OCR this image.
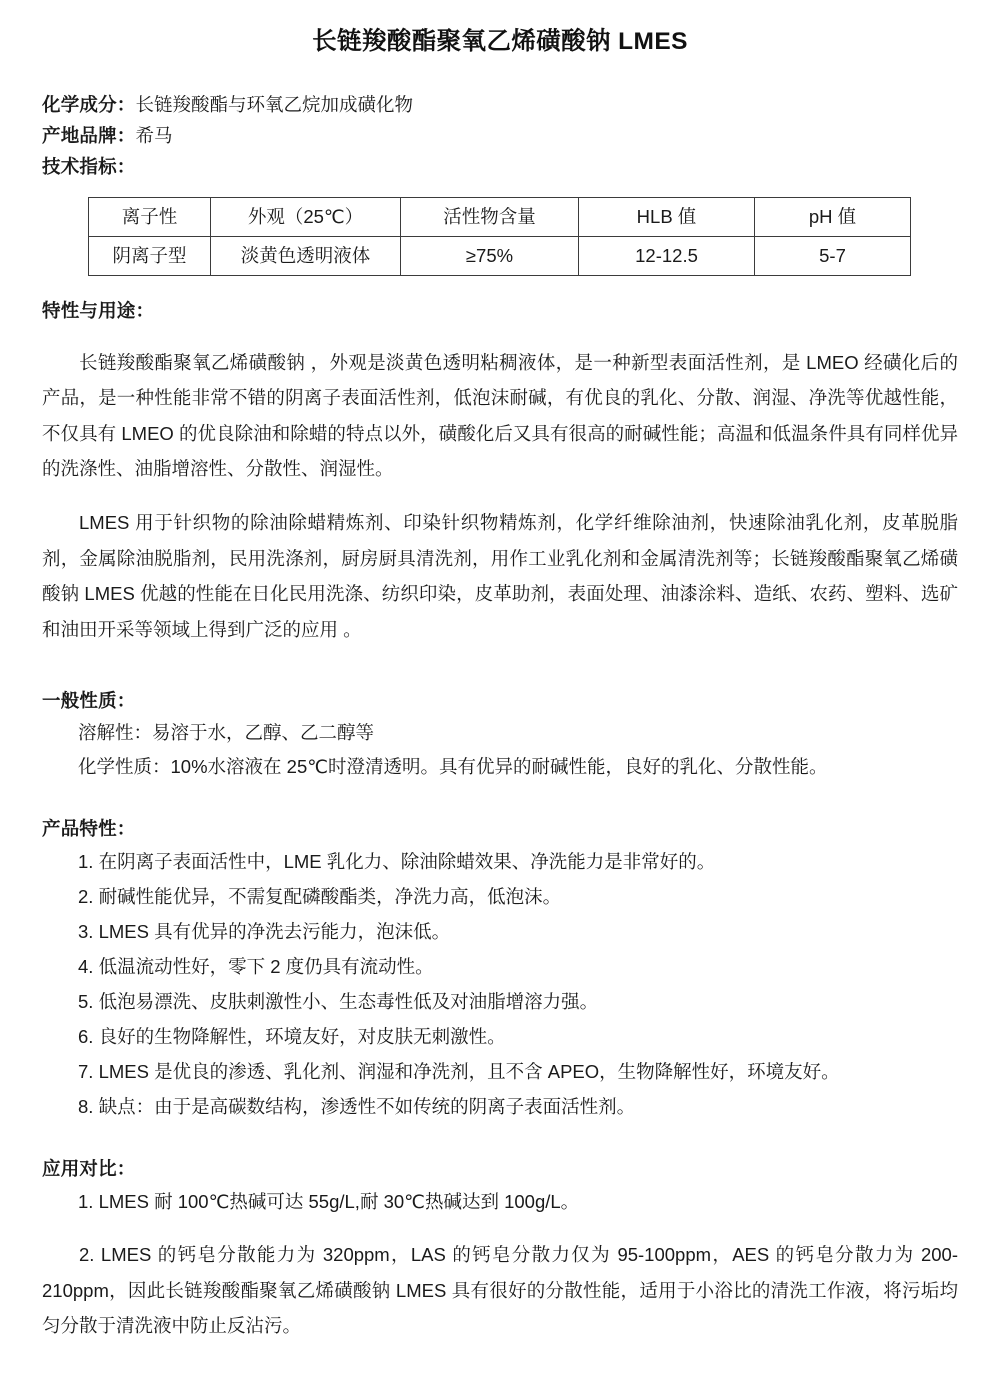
长链羧酸酯聚氧乙烯磺酸钠 LMES
化学成分：长链羧酸酯与环氧乙烷加成磺化物
产地品牌：希马
技术指标：
离子性	外观（25℃）	活性物含量	HLB 值	pH 值
阴离子型	淡黄色透明液体	≥75%	12-12.5	5-7
特性与用途：

长链羧酸酯聚氧乙烯磺酸钠 ，外观是淡黄色透明粘稠液体，是一种新型表面活性剂，是 LMEO 经磺化后的产品，是一种性能非常不错的阴离子表面活性剂，低泡沫耐碱，有优良的乳化、分散、润湿、净洗等优越性能，不仅具有 LMEO 的优良除油和除蜡的特点以外，磺酸化后又具有很高的耐碱性能；高温和低温条件具有同样优异的洗涤性、油脂增溶性、分散性、润湿性。

LMES 用于针织物的除油除蜡精炼剂、印染针织物精炼剂，化学纤维除油剂，快速除油乳化剂，皮革脱脂剂，金属除油脱脂剂，民用洗涤剂，厨房厨具清洗剂，用作工业乳化剂和金属清洗剂等；长链羧酸酯聚氧乙烯磺酸钠 LMES 优越的性能在日化民用洗涤、纺织印染，皮革助剂，表面处理、油漆涂料、造纸、农药、塑料、选矿和油田开采等领域上得到广泛的应用 。

一般性质：
溶解性：易溶于水，乙醇、乙二醇等
化学性质：10%水溶液在 25℃时澄清透明。具有优异的耐碱性能，良好的乳化、分散性能。
产品特性：
1. 在阴离子表面活性中，LME 乳化力、除油除蜡效果、净洗能力是非常好的。
2. 耐碱性能优异，不需复配磷酸酯类，净洗力高，低泡沫。
3. LMES 具有优异的净洗去污能力，泡沫低。
4. 低温流动性好，零下 2 度仍具有流动性。
5. 低泡易漂洗、皮肤刺激性小、生态毒性低及对油脂增溶力强。
6. 良好的生物降解性，环境友好，对皮肤无刺激性。
7. LMES 是优良的渗透、乳化剂、润湿和净洗剂，且不含 APEO，生物降解性好，环境友好。
8. 缺点：由于是高碳数结构，渗透性不如传统的阴离子表面活性剂。
应用对比：
1. LMES 耐 100℃热碱可达 55g/L,耐 30℃热碱达到 100g/L。

2. LMES 的钙皂分散能力为 320ppm，LAS 的钙皂分散力仅为 95-100ppm，AES 的钙皂分散力为 200-210ppm，因此长链羧酸酯聚氧乙烯磺酸钠 LMES 具有很好的分散性能，适用于小浴比的清洗工作液，将污垢均匀分散于清洗液中防止反沾污。
